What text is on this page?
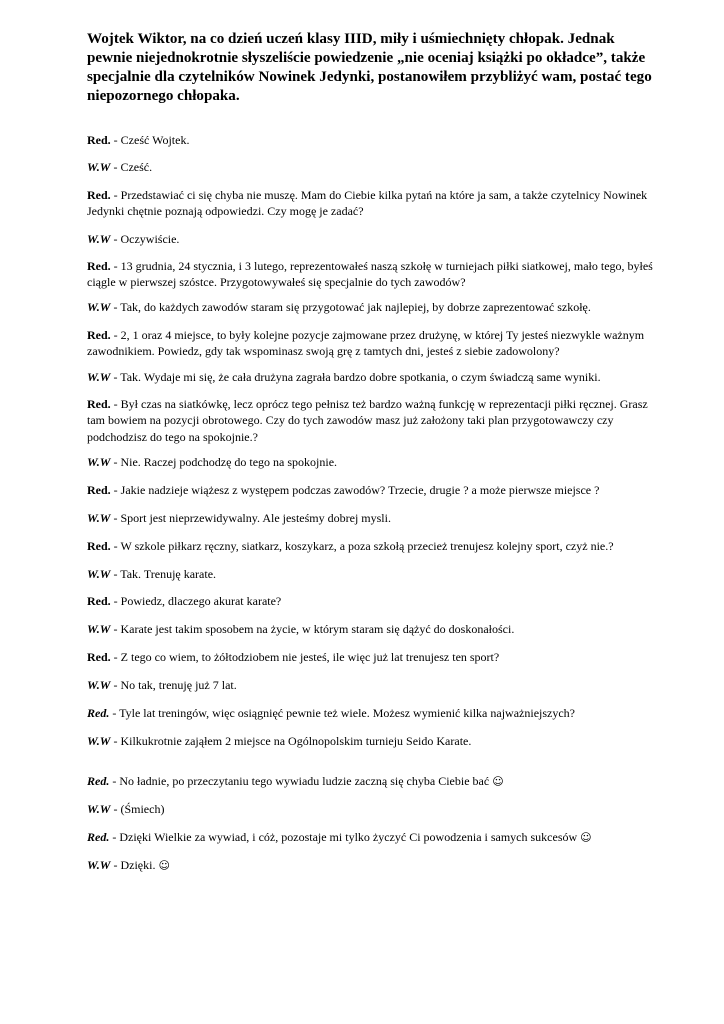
Wojtek Wiktor, na co dzień uczeń klasy IIID, miły i uśmiechnięty chłopak. Jednak pewnie niejednokrotnie słyszeliście powiedzenie „nie oceniaj książki po okładce”, także specjalnie dla czytelników Nowinek Jedynki, postanowiłem przybliżyć wam, postać tego niepozornego chłopaka.
Red. - Cześć Wojtek.
W.W - Cześć.
Red. - Przedstawiać ci się chyba nie muszę. Mam do Ciebie kilka pytań na które ja sam, a także czytelnicy Nowinek Jedynki chętnie poznają odpowiedzi. Czy mogę je zadać?
W.W - Oczywiście.
Red. - 13 grudnia, 24 stycznia, i 3 lutego, reprezentowałeś naszą szkołę w turniejach piłki siatkowej, mało tego, byłeś ciągle w pierwszej szóstce. Przygotowywałeś się specjalnie do tych zawodów?
W.W - Tak, do każdych zawodów staram się przygotować jak najlepiej, by dobrze zaprezentować szkołę.
Red. - 2, 1 oraz 4 miejsce, to były kolejne pozycje zajmowane przez drużynę, w której Ty jesteś niezwykle ważnym zawodnikiem. Powiedz, gdy tak wspominasz swoją grę z tamtych dni, jesteś z siebie zadowolony?
W.W - Tak. Wydaje mi się, że cała drużyna zagrała bardzo dobre spotkania, o czym świadczą same wyniki.
Red. - Był czas na siatkówkę, lecz oprócz tego pełnisz też bardzo ważną funkcję w reprezentacji piłki ręcznej. Grasz tam bowiem na pozycji obrotowego. Czy do tych zawodów masz już założony taki plan przygotowawczy czy podchodzisz do tego na spokojnie.?
W.W - Nie. Raczej podchodzę do tego na spokojnie.
Red. - Jakie nadzieje wiążesz z występem podczas zawodów? Trzecie, drugie ? a może pierwsze miejsce ?
W.W - Sport jest nieprzewidywalny. Ale jesteśmy dobrej mysli.
Red. - W szkole piłkarz ręczny, siatkarz, koszykarz, a poza szkołą przecież trenujesz kolejny sport, czyż nie.?
W.W - Tak. Trenuję karate.
Red. - Powiedz, dlaczego akurat karate?
W.W - Karate jest takim sposobem na życie, w którym staram się dążyć do doskonałości.
Red. - Z tego co wiem, to żółtodziobem nie jesteś, ile więc już lat trenujesz ten sport?
W.W - No tak, trenuję już 7 lat.
Red. - Tyle lat treningów, więc osiągnięć pewnie też wiele. Możesz wymienić kilka najważniejszych?
W.W - Kilkukrotnie zająłem 2 miejsce na Ogólnopolskim turnieju Seido Karate.
Red. - No ładnie, po przeczytaniu tego wywiadu ludzie zaczną się chyba Ciebie bać ☺
W.W - (Śmiech)
Red. - Dzięki Wielkie za wywiad, i cóż, pozostaje mi tylko życzyć Ci powodzenia i samych sukcesów ☺
W.W - Dzięki. ☺
